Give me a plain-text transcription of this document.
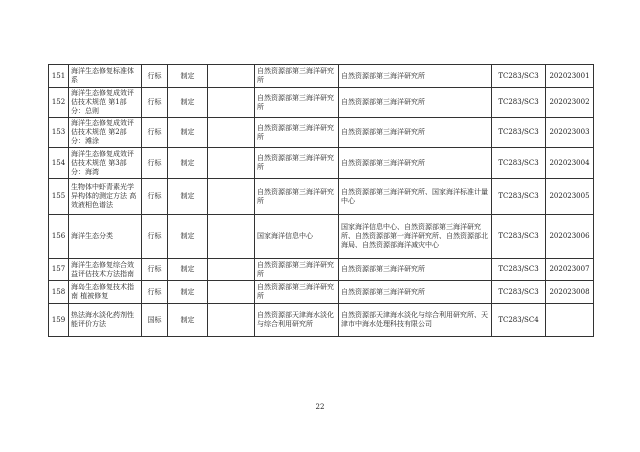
151	海洋生态修复标准体系	行标	制定		自然资源部第三海洋研究所	自然资源部第三海洋研究所	TC283/SC3	202023001
152	海洋生态修复成效评估技术规范 第1部分：总则	行标	制定		自然资源部第三海洋研究所	自然资源部第三海洋研究所	TC283/SC3	202023002
153	海洋生态修复成效评估技术规范 第2部分：滩涂	行标	制定		自然资源部第三海洋研究所	自然资源部第三海洋研究所	TC283/SC3	202023003
154	海洋生态修复成效评估技术规范 第3部分：海湾	行标	制定		自然资源部第三海洋研究所	自然资源部第三海洋研究所	TC283/SC3	202023004
155	生物体中虾青素光学异构体的测定方法 高效液相色谱法	行标	制定		自然资源部第三海洋研究所	自然资源部第三海洋研究所、国家海洋标准计量中心	TC283/SC3	202023005
156	海洋生态分类	行标	制定		国家海洋信息中心	国家海洋信息中心、自然资源部第三海洋研究所、自然资源部第一海洋研究所、自然资源部北海局、自然资源部海洋减灾中心	TC283/SC3	202023006
157	海洋生态修复综合效益评估技术方法指南	行标	制定		自然资源部第三海洋研究所	自然资源部第三海洋研究所	TC283/SC3	202023007
158	海岛生态修复技术指南 植被修复	行标	制定		自然资源部第三海洋研究所	自然资源部第三海洋研究所	TC283/SC3	202023008
159	热法海水淡化药剂性能评价方法	国标	制定		自然资源部天津海水淡化与综合利用研究所	自然资源部天津海水淡化与综合利用研究所、天津市中海水处理科技有限公司	TC283/SC4	
22
